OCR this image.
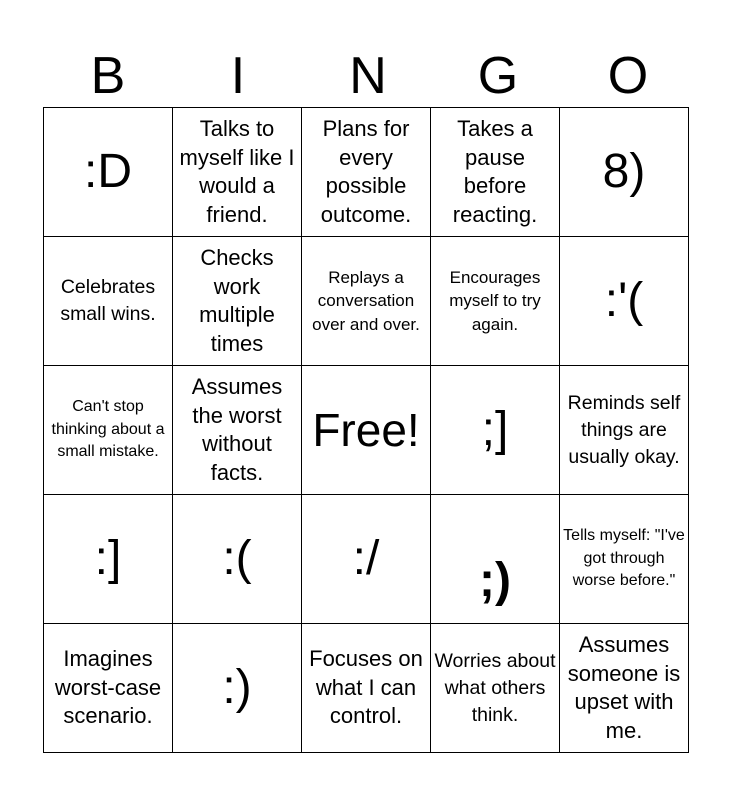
B	I	N	G	O
:D	Talks to myself like I would a friend.	Plans for every possible outcome.	Takes a pause before reacting.	8)
Celebrates small wins.	Checks work multiple times	Replays a conversation over and over.	Encourages myself to try again.	:'(
Can't stop thinking about a small mistake.	Assumes the worst without facts.	Free!	;]	Reminds self things are usually okay.
:]	:(	:/	;)	Tells myself: "I've got through worse before."
Imagines worst-case scenario.	:)	Focuses on what I can control.	Worries about what others think.	Assumes someone is upset with me.
